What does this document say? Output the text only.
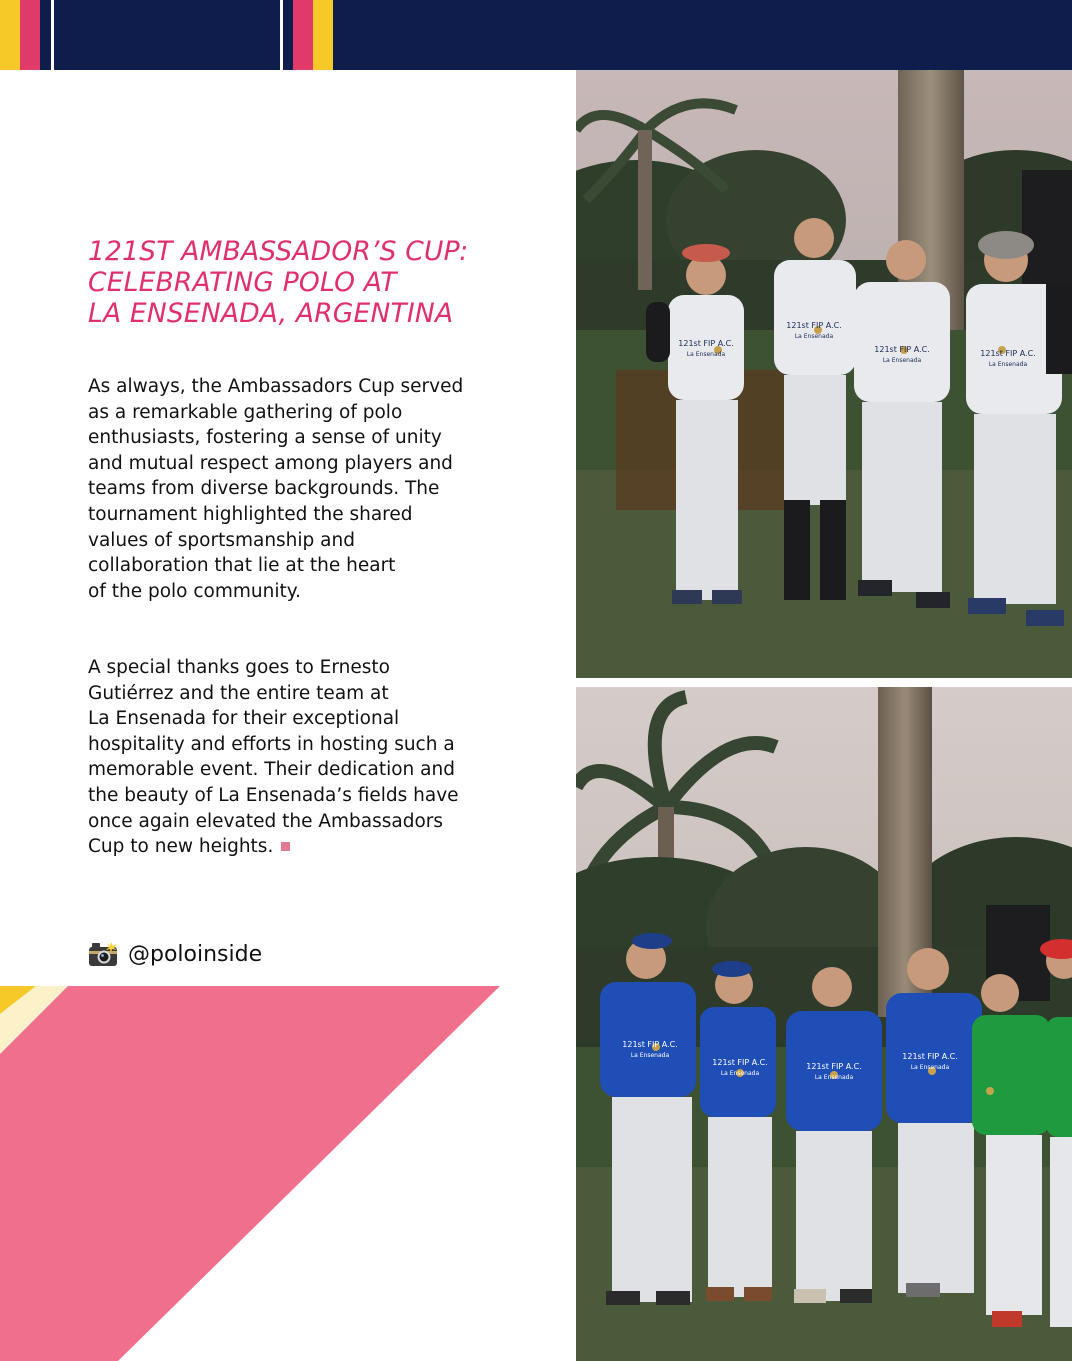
121ST AMBASSADOR’S CUP:
CELEBRATING POLO AT
LA ENSENADA, ARGENTINA

As always, the Ambassadors Cup served
as a remarkable gathering of polo
enthusiasts, fostering a sense of unity
and mutual respect among players and
teams from diverse backgrounds. The
tournament highlighted the shared
values of sportsmanship and
collaboration that lie at the heart
of the polo community.

A special thanks goes to Ernesto
Gutiérrez and the entire team at
La Ensenada for their exceptional
hospitality and efforts in hosting such a
memorable event. Their dedication and
the beauty of La Ensenada’s fields have
once again elevated the Ambassadors
Cup to new heights.

@poloinside
121st FIP A.C.
121st FIP A.C.
121st FIP A.C.	121st FIP A.C.
La Ensenada
La Ensenada
La Ensenada
La Ensenada
121st FIP A.C.
121st FIP A.C.	121st FIP A.C.
121st FIP A.C.
La Ensenada
La Ensenada
La Ensenada
La Ensenada
